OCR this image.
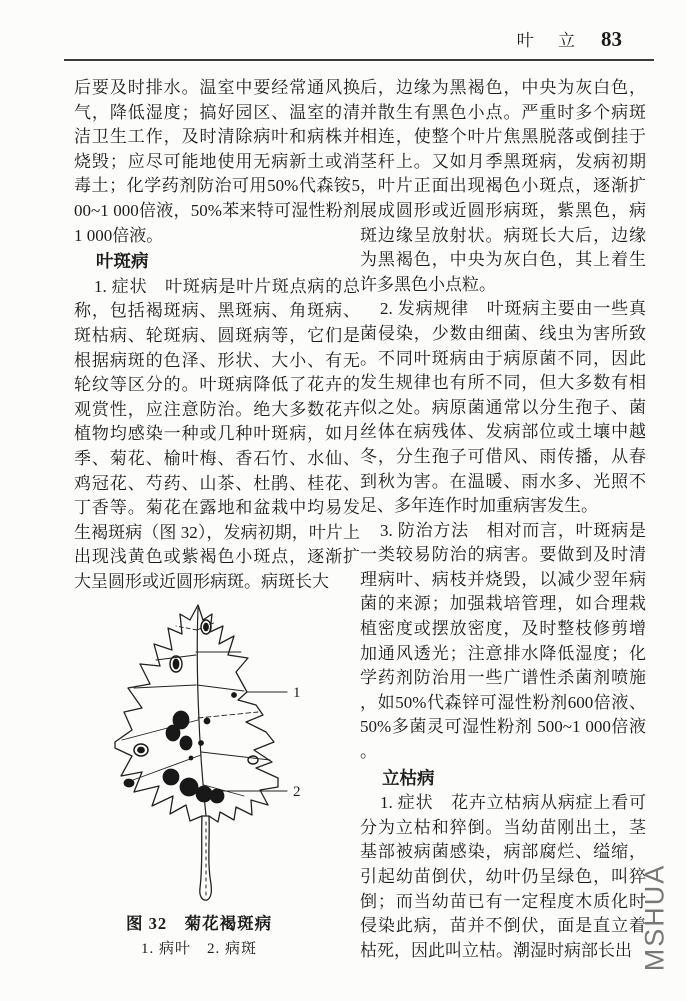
叶 立 83

后要及时排水。温室中要经常通风换气，降低湿度；搞好园区、温室的清洁卫生工作，及时清除病叶和病株并烧毁；应尽可能地使用无病新土或消毒土；化学药剂防治可用50%代森铵500~1 000倍液，50%苯来特可湿性粉剂1 000倍液。

叶斑病

1. 症状　叶斑病是叶片斑点病的总称，包括褐斑病、黑斑病、角斑病、斑枯病、轮斑病、圆斑病等，它们是根据病斑的色泽、形状、大小、有无轮纹等区分的。叶斑病降低了花卉的观赏性，应注意防治。绝大多数花卉植物均感染一种或几种叶斑病，如月季、菊花、榆叶梅、香石竹、水仙、鸡冠花、芍药、山茶、杜鹃、桂花、丁香等。菊花在露地和盆栽中均易发生褐斑病（图 32），发病初期，叶片上出现浅黄色或紫褐色小斑点，逐渐扩大呈圆形或近圆形病斑。病斑长大

1
2
图 32　菊花褐斑病
1. 病叶　2. 病斑

后，边缘为黑褐色，中央为灰白色，并散生有黑色小点。严重时多个病斑相连，使整个叶片焦黑脱落或倒挂于茎秆上。又如月季黑斑病，发病初期，叶片正面出现褐色小斑点，逐渐扩展成圆形或近圆形病斑，紫黑色，病斑边缘呈放射状。病斑长大后，边缘为黑褐色，中央为灰白色，其上着生许多黑色小点粒。

2. 发病规律　叶斑病主要由一些真菌侵染，少数由细菌、线虫为害所致。不同叶斑病由于病原菌不同，因此发生规律也有所不同，但大多数有相似之处。病原菌通常以分生孢子、菌丝体在病残体、发病部位或土壤中越冬，分生孢子可借风、雨传播，从春到秋为害。在温暖、雨水多、光照不足、多年连作时加重病害发生。

3. 防治方法　相对而言，叶斑病是一类较易防治的病害。要做到及时清理病叶、病枝并烧毁，以减少翌年病菌的来源；加强栽培管理，如合理栽植密度或摆放密度，及时整枝修剪增加通风透光；注意排水降低湿度；化学药剂防治用一些广谱性杀菌剂喷施，如50%代森锌可湿性粉剂600倍液、50%多菌灵可湿性粉剂 500~1 000倍液。

立枯病

1. 症状　花卉立枯病从病症上看可分为立枯和猝倒。当幼苗刚出土，茎基部被病菌感染，病部腐烂、缢缩，引起幼苗倒伏，幼叶仍呈绿色，叫猝倒；而当幼苗已有一定程度木质化时侵染此病，苗并不倒伏，面是直立着枯死，因此叫立枯。潮湿时病部长出 MSHUA
